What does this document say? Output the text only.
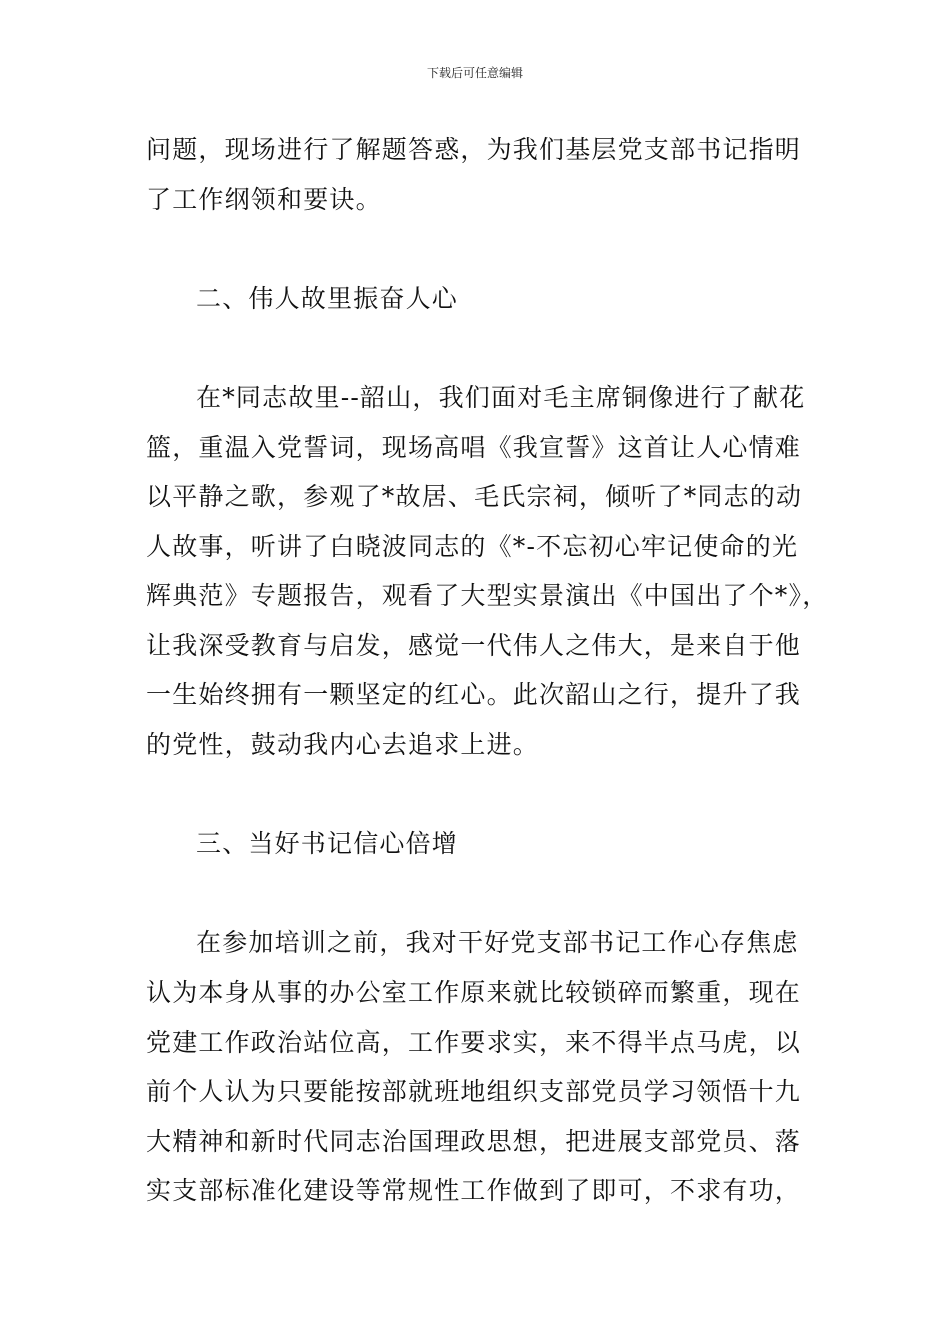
下载后可任意编辑
问题，现场进行了解题答惑，为我们基层党支部书记指明
了工作纲领和要诀。
二、伟人故里振奋人心
在*同志故里--韶山，我们面对毛主席铜像进行了献花
篮，重温入党誓词，现场高唱《我宣誓》这首让人心情难
以平静之歌，参观了*故居、毛氏宗祠，倾听了*同志的动
人故事，听讲了白晓波同志的《*-不忘初心牢记使命的光
辉典范》专题报告，观看了大型实景演出《中国出了个*》，
让我深受教育与启发，感觉一代伟人之伟大，是来自于他
一生始终拥有一颗坚定的红心。此次韶山之行，提升了我
的党性，鼓动我内心去追求上进。
三、当好书记信心倍增
在参加培训之前，我对干好党支部书记工作心存焦虑
认为本身从事的办公室工作原来就比较锁碎而繁重，现在
党建工作政治站位高，工作要求实，来不得半点马虎，以
前个人认为只要能按部就班地组织支部党员学习领悟十九
大精神和新时代同志治国理政思想，把进展支部党员、落
实支部标准化建设等常规性工作做到了即可，不求有功，
